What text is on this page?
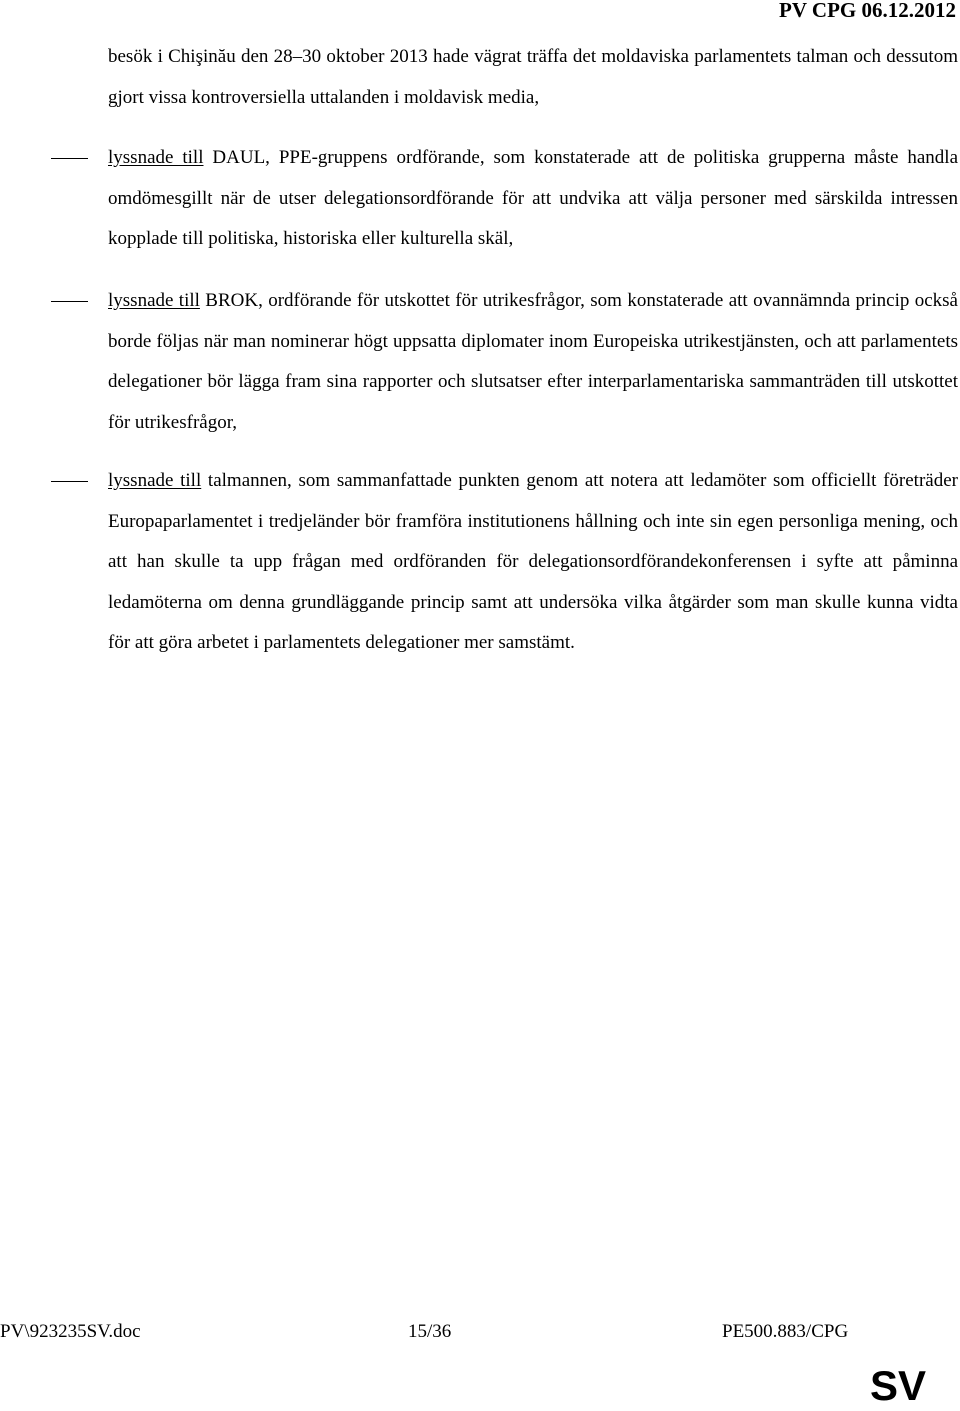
PV CPG 06.12.2012
besök i Chişinău den 28–30 oktober 2013 hade vägrat träffa det moldaviska parlamentets talman och dessutom gjort vissa kontroversiella uttalanden i moldavisk media,
lyssnade till DAUL, PPE-gruppens ordförande, som konstaterade att de politiska grupperna måste handla omdömesgillt när de utser delegationsordförande för att undvika att välja personer med särskilda intressen kopplade till politiska, historiska eller kulturella skäl,
lyssnade till BROK, ordförande för utskottet för utrikesfrågor, som konstaterade att ovannämnda princip också borde följas när man nominerar högt uppsatta diplomater inom Europeiska utrikestjänsten, och att parlamentets delegationer bör lägga fram sina rapporter och slutsatser efter interparlamentariska sammanträden till utskottet för utrikesfrågor,
lyssnade till talmannen, som sammanfattade punkten genom att notera att ledamöter som officiellt företräder Europaparlamentet i tredjeländer bör framföra institutionens hållning och inte sin egen personliga mening, och att han skulle ta upp frågan med ordföranden för delegationsordförandekonferensen i syfte att påminna ledamöterna om denna grundläggande princip samt att undersöka vilka åtgärder som man skulle kunna vidta för att göra arbetet i parlamentets delegationer mer samstämt.
PV\923235SV.doc	15/36	PE500.883/CPG
SV
